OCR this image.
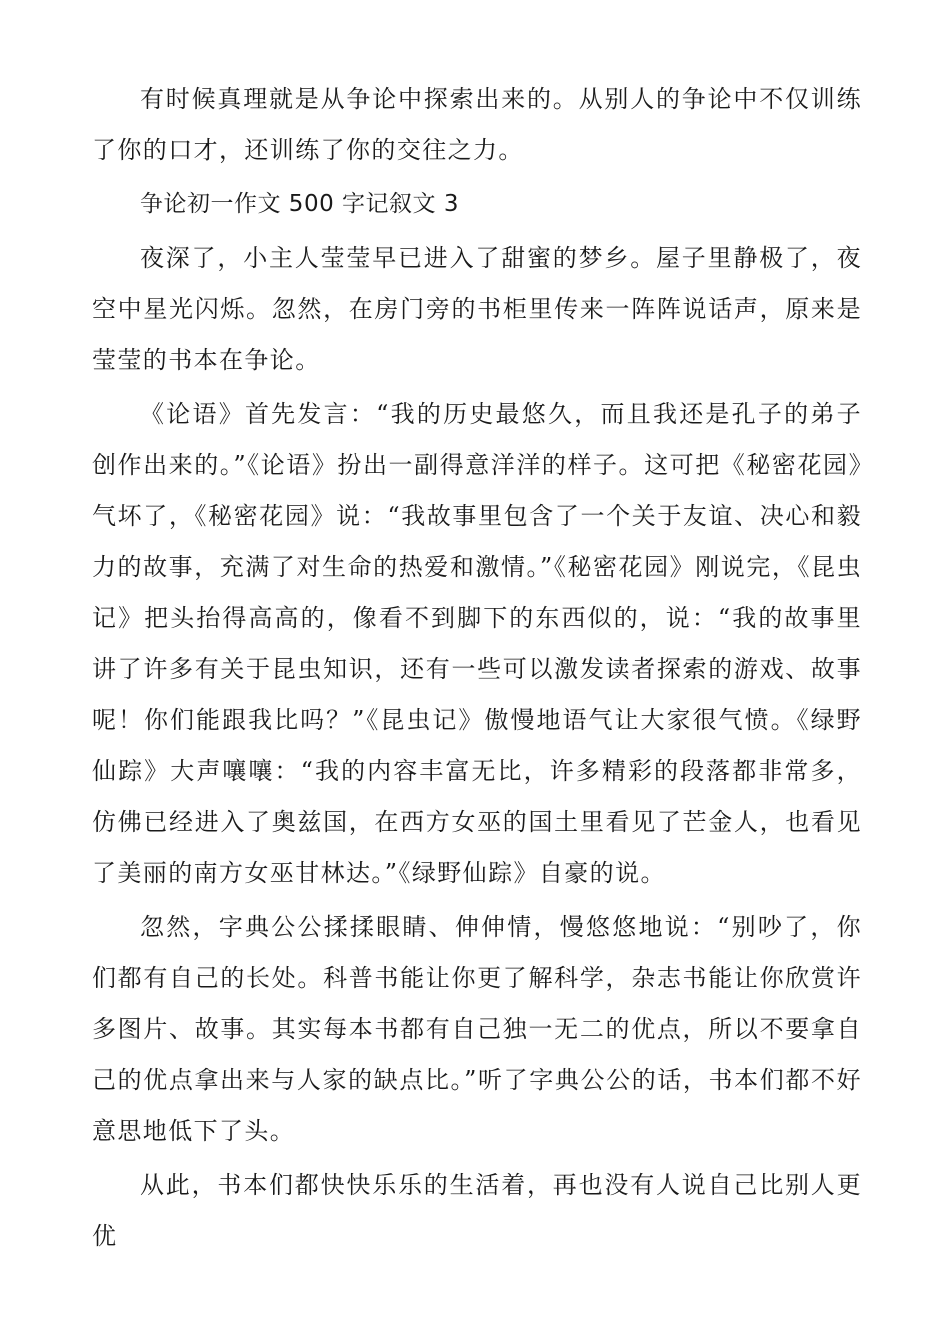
有时候真理就是从争论中探索出来的。从别人的争论中不仅训练了你的口才，还训练了你的交往之力。

争论初一作文 500 字记叙文 3

夜深了，小主人莹莹早已进入了甜蜜的梦乡。屋子里静极了，夜空中星光闪烁。忽然，在房门旁的书柜里传来一阵阵说话声，原来是莹莹的书本在争论。

《论语》首先发言：“我的历史最悠久，而且我还是孔子的弟子创作出来的。”《论语》扮出一副得意洋洋的样子。这可把《秘密花园》气坏了，《秘密花园》说：“我故事里包含了一个关于友谊、决心和毅力的故事，充满了对生命的热爱和激情。”《秘密花园》刚说完，《昆虫记》把头抬得高高的，像看不到脚下的东西似的，说：“我的故事里讲了许多有关于昆虫知识，还有一些可以激发读者探索的游戏、故事呢！你们能跟我比吗？”《昆虫记》傲慢地语气让大家很气愤。《绿野仙踪》大声嚷嚷：“我的内容丰富无比，许多精彩的段落都非常多，仿佛已经进入了奥兹国，在西方女巫的国土里看见了芒金人，也看见了美丽的南方女巫甘林达。”《绿野仙踪》自豪的说。

忽然，字典公公揉揉眼睛、伸伸情，慢悠悠地说：“别吵了，你们都有自己的长处。科普书能让你更了解科学，杂志书能让你欣赏许多图片、故事。其实每本书都有自己独一无二的优点，所以不要拿自己的优点拿出来与人家的缺点比。”听了字典公公的话，书本们都不好意思地低下了头。

从此，书本们都快快乐乐的生活着，再也没有人说自己比别人更优
